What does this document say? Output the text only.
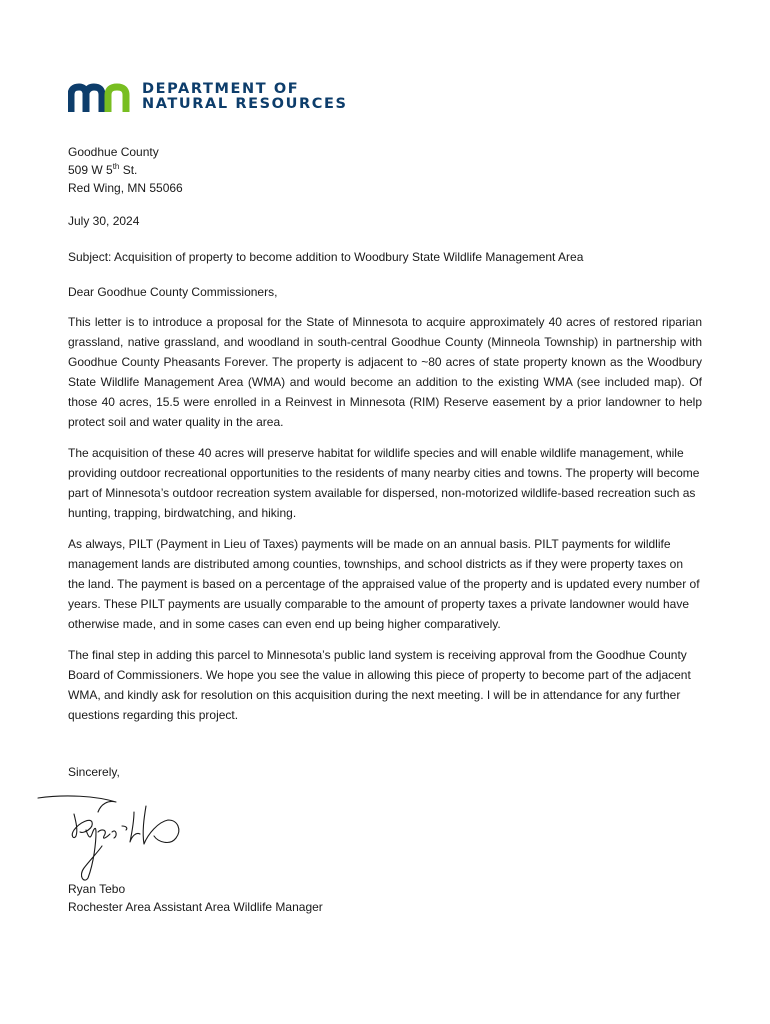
DEPARTMENT OF
NATURAL RESOURCES
Goodhue County
509 W 5th St.
Red Wing, MN 55066
July 30, 2024
Subject: Acquisition of property to become addition to Woodbury State Wildlife Management Area
Dear Goodhue County Commissioners,
This letter is to introduce a proposal for the State of Minnesota to acquire approximately 40 acres of restored riparian grassland, native grassland, and woodland in south-central Goodhue County (Minneola Township) in partnership with Goodhue County Pheasants Forever. The property is adjacent to ~80 acres of state property known as the Woodbury State Wildlife Management Area (WMA) and would become an addition to the existing WMA (see included map). Of those 40 acres, 15.5 were enrolled in a Reinvest in Minnesota (RIM) Reserve easement by a prior landowner to help protect soil and water quality in the area.
The acquisition of these 40 acres will preserve habitat for wildlife species and will enable wildlife management, while providing outdoor recreational opportunities to the residents of many nearby cities and towns. The property will become part of Minnesota’s outdoor recreation system available for dispersed, non-motorized wildlife-based recreation such as hunting, trapping, birdwatching, and hiking.
As always, PILT (Payment in Lieu of Taxes) payments will be made on an annual basis. PILT payments for wildlife management lands are distributed among counties, townships, and school districts as if they were property taxes on the land. The payment is based on a percentage of the appraised value of the property and is updated every number of years. These PILT payments are usually comparable to the amount of property taxes a private landowner would have otherwise made, and in some cases can even end up being higher comparatively.
The final step in adding this parcel to Minnesota’s public land system is receiving approval from the Goodhue County Board of Commissioners. We hope you see the value in allowing this piece of property to become part of the adjacent WMA, and kindly ask for resolution on this acquisition during the next meeting. I will be in attendance for any further questions regarding this project.
Sincerely,
Ryan Tebo
Rochester Area Assistant Area Wildlife Manager
